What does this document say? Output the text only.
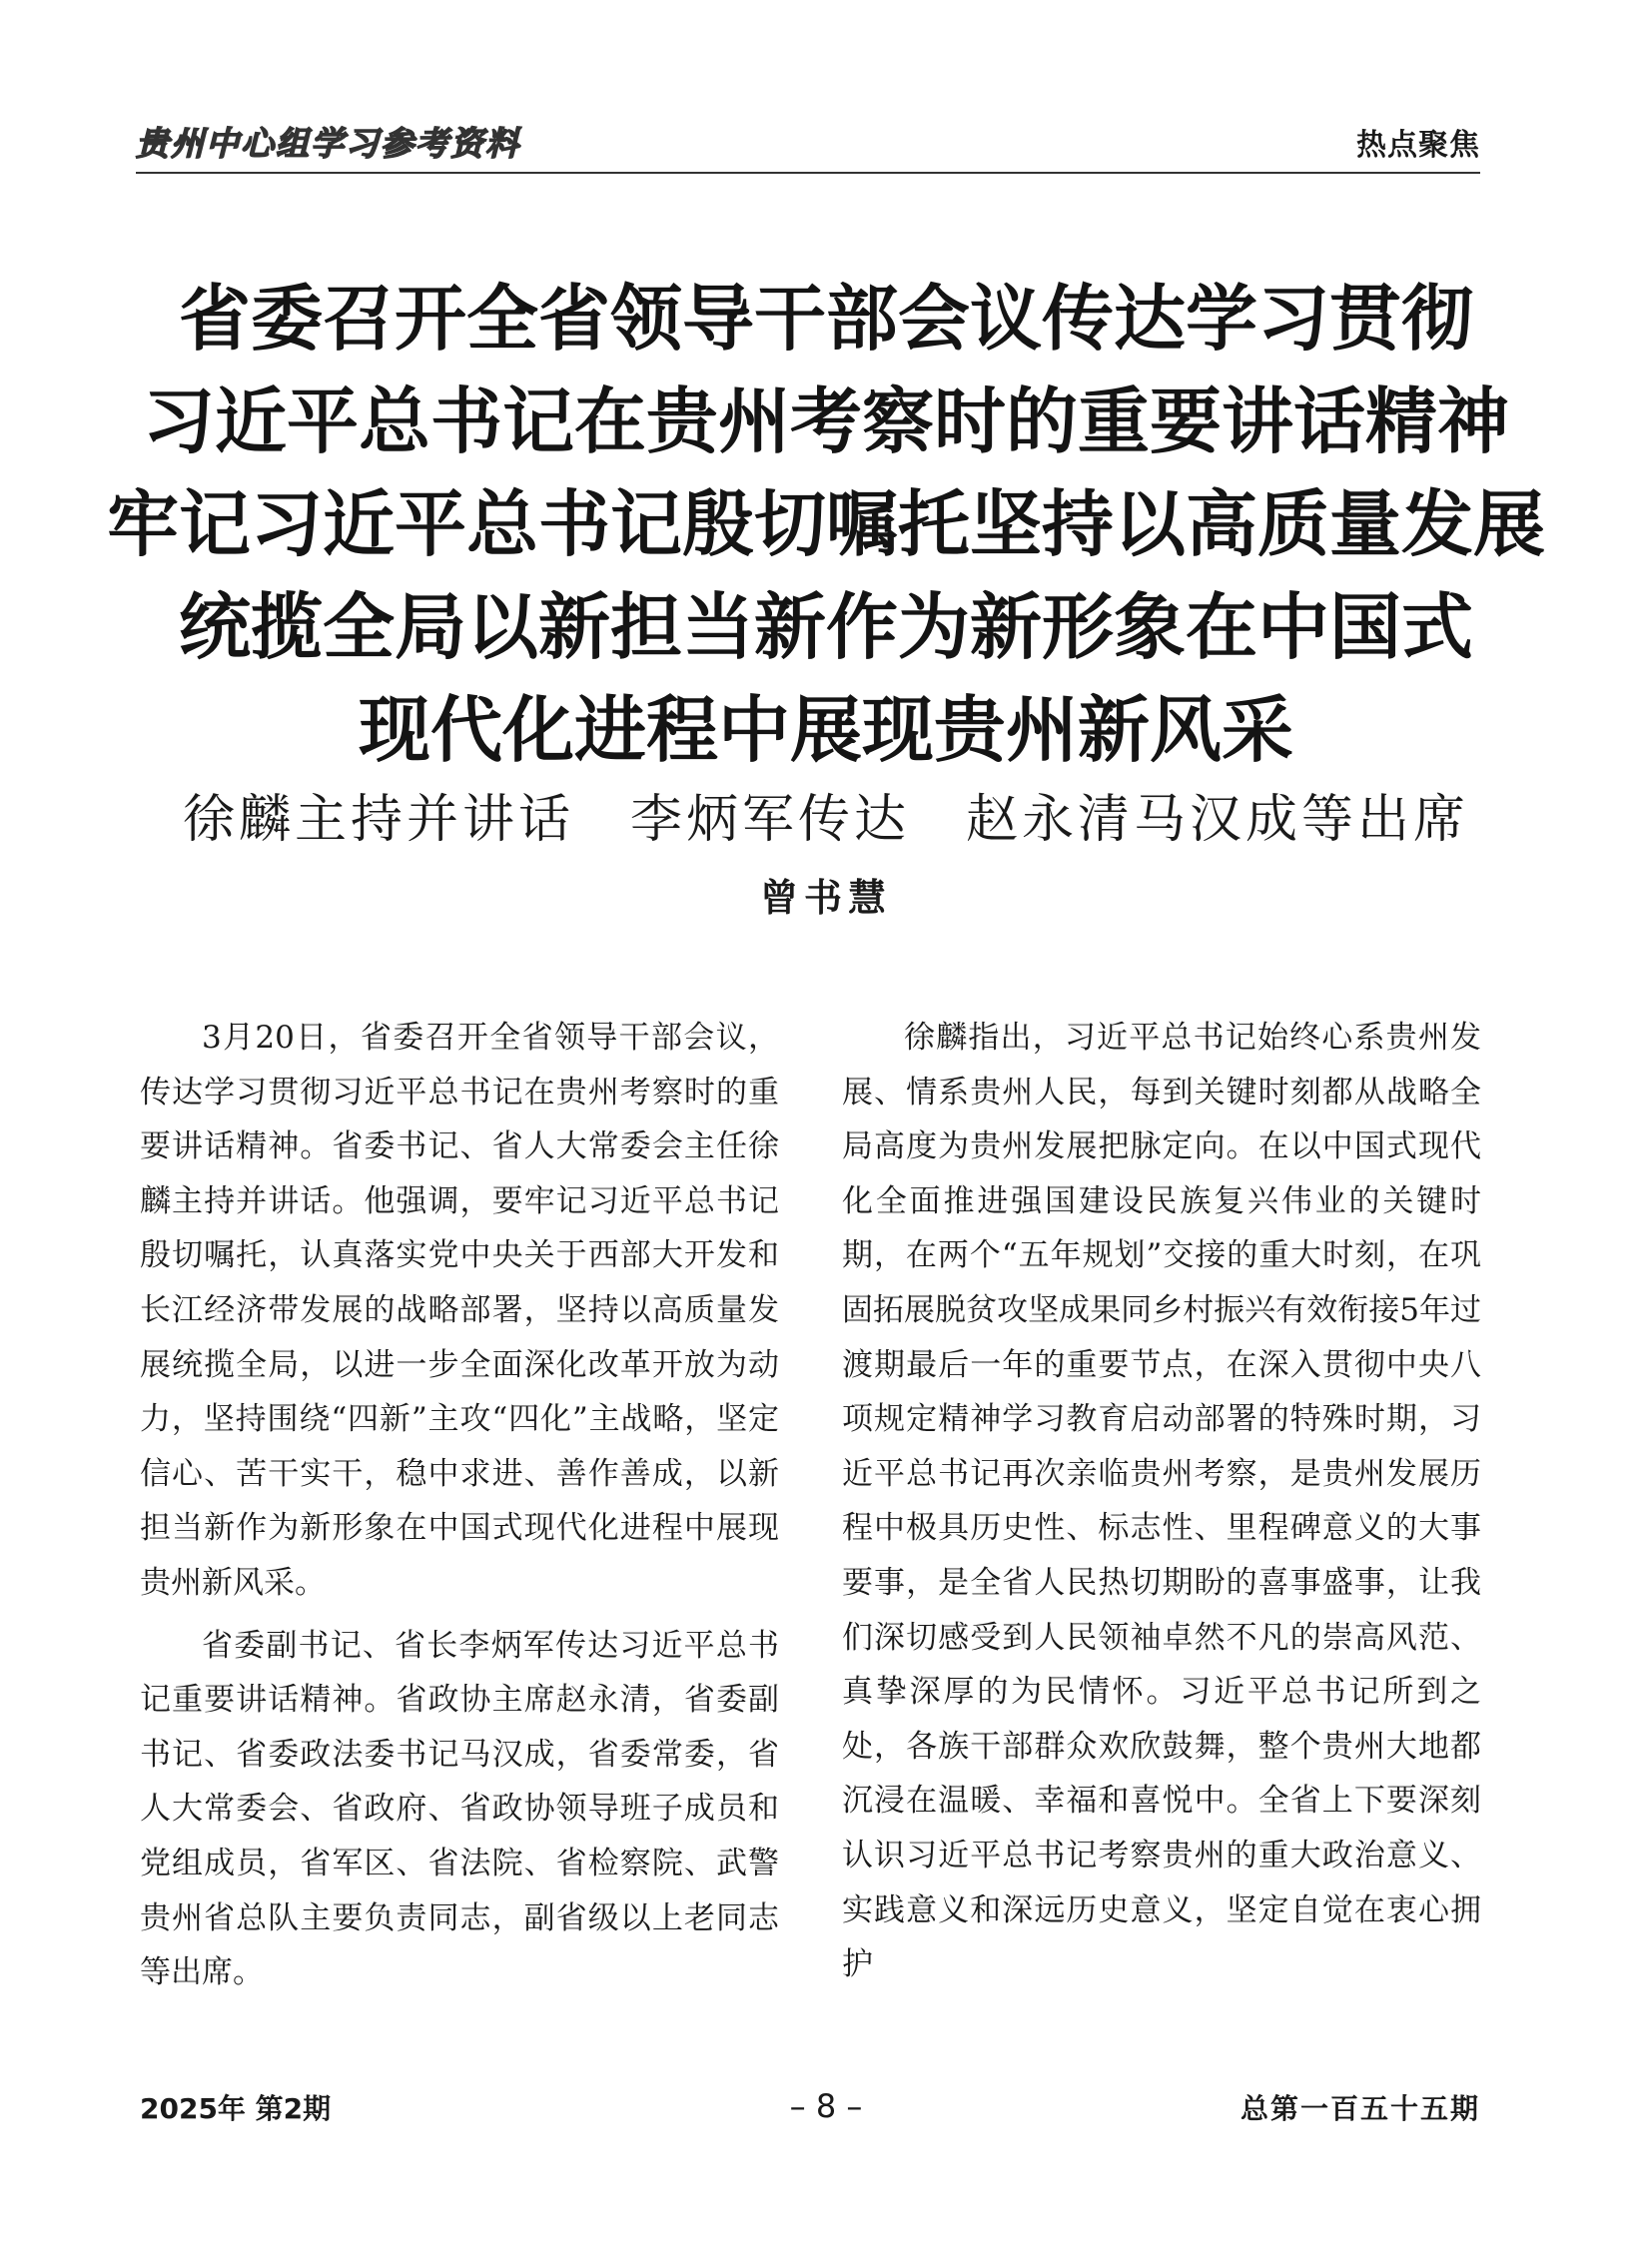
贵州中心组学习参考资料	热点聚焦
省委召开全省领导干部会议传达学习贯彻
习近平总书记在贵州考察时的重要讲话精神
牢记习近平总书记殷切嘱托坚持以高质量发展
统揽全局以新担当新作为新形象在中国式
现代化进程中展现贵州新风采
徐麟主持并讲话　李炳军传达　赵永清马汉成等出席
曾书慧

3月20日，省委召开全省领导干部会议，传达学习贯彻习近平总书记在贵州考察时的重要讲话精神。省委书记、省人大常委会主任徐麟主持并讲话。他强调，要牢记习近平总书记殷切嘱托，认真落实党中央关于西部大开发和长江经济带发展的战略部署，坚持以高质量发展统揽全局，以进一步全面深化改革开放为动力，坚持围绕“四新”主攻“四化”主战略，坚定信心、苦干实干，稳中求进、善作善成，以新担当新作为新形象在中国式现代化进程中展现贵州新风采。

省委副书记、省长李炳军传达习近平总书记重要讲话精神。省政协主席赵永清，省委副书记、省委政法委书记马汉成，省委常委，省人大常委会、省政府、省政协领导班子成员和党组成员，省军区、省法院、省检察院、武警贵州省总队主要负责同志，副省级以上老同志等出席。

徐麟指出，习近平总书记始终心系贵州发展、情系贵州人民，每到关键时刻都从战略全局高度为贵州发展把脉定向。在以中国式现代化全面推进强国建设民族复兴伟业的关键时期，在两个“五年规划”交接的重大时刻，在巩固拓展脱贫攻坚成果同乡村振兴有效衔接5年过渡期最后一年的重要节点，在深入贯彻中央八项规定精神学习教育启动部署的特殊时期，习近平总书记再次亲临贵州考察，是贵州发展历程中极具历史性、标志性、里程碑意义的大事要事，是全省人民热切期盼的喜事盛事，让我们深切感受到人民领袖卓然不凡的崇高风范、真挚深厚的为民情怀。习近平总书记所到之处，各族干部群众欢欣鼓舞，整个贵州大地都沉浸在温暖、幸福和喜悦中。全省上下要深刻认识习近平总书记考察贵州的重大政治意义、实践意义和深远历史意义，坚定自觉在衷心拥护

2025年 第2期	– 8 –	总第一百五十五期
